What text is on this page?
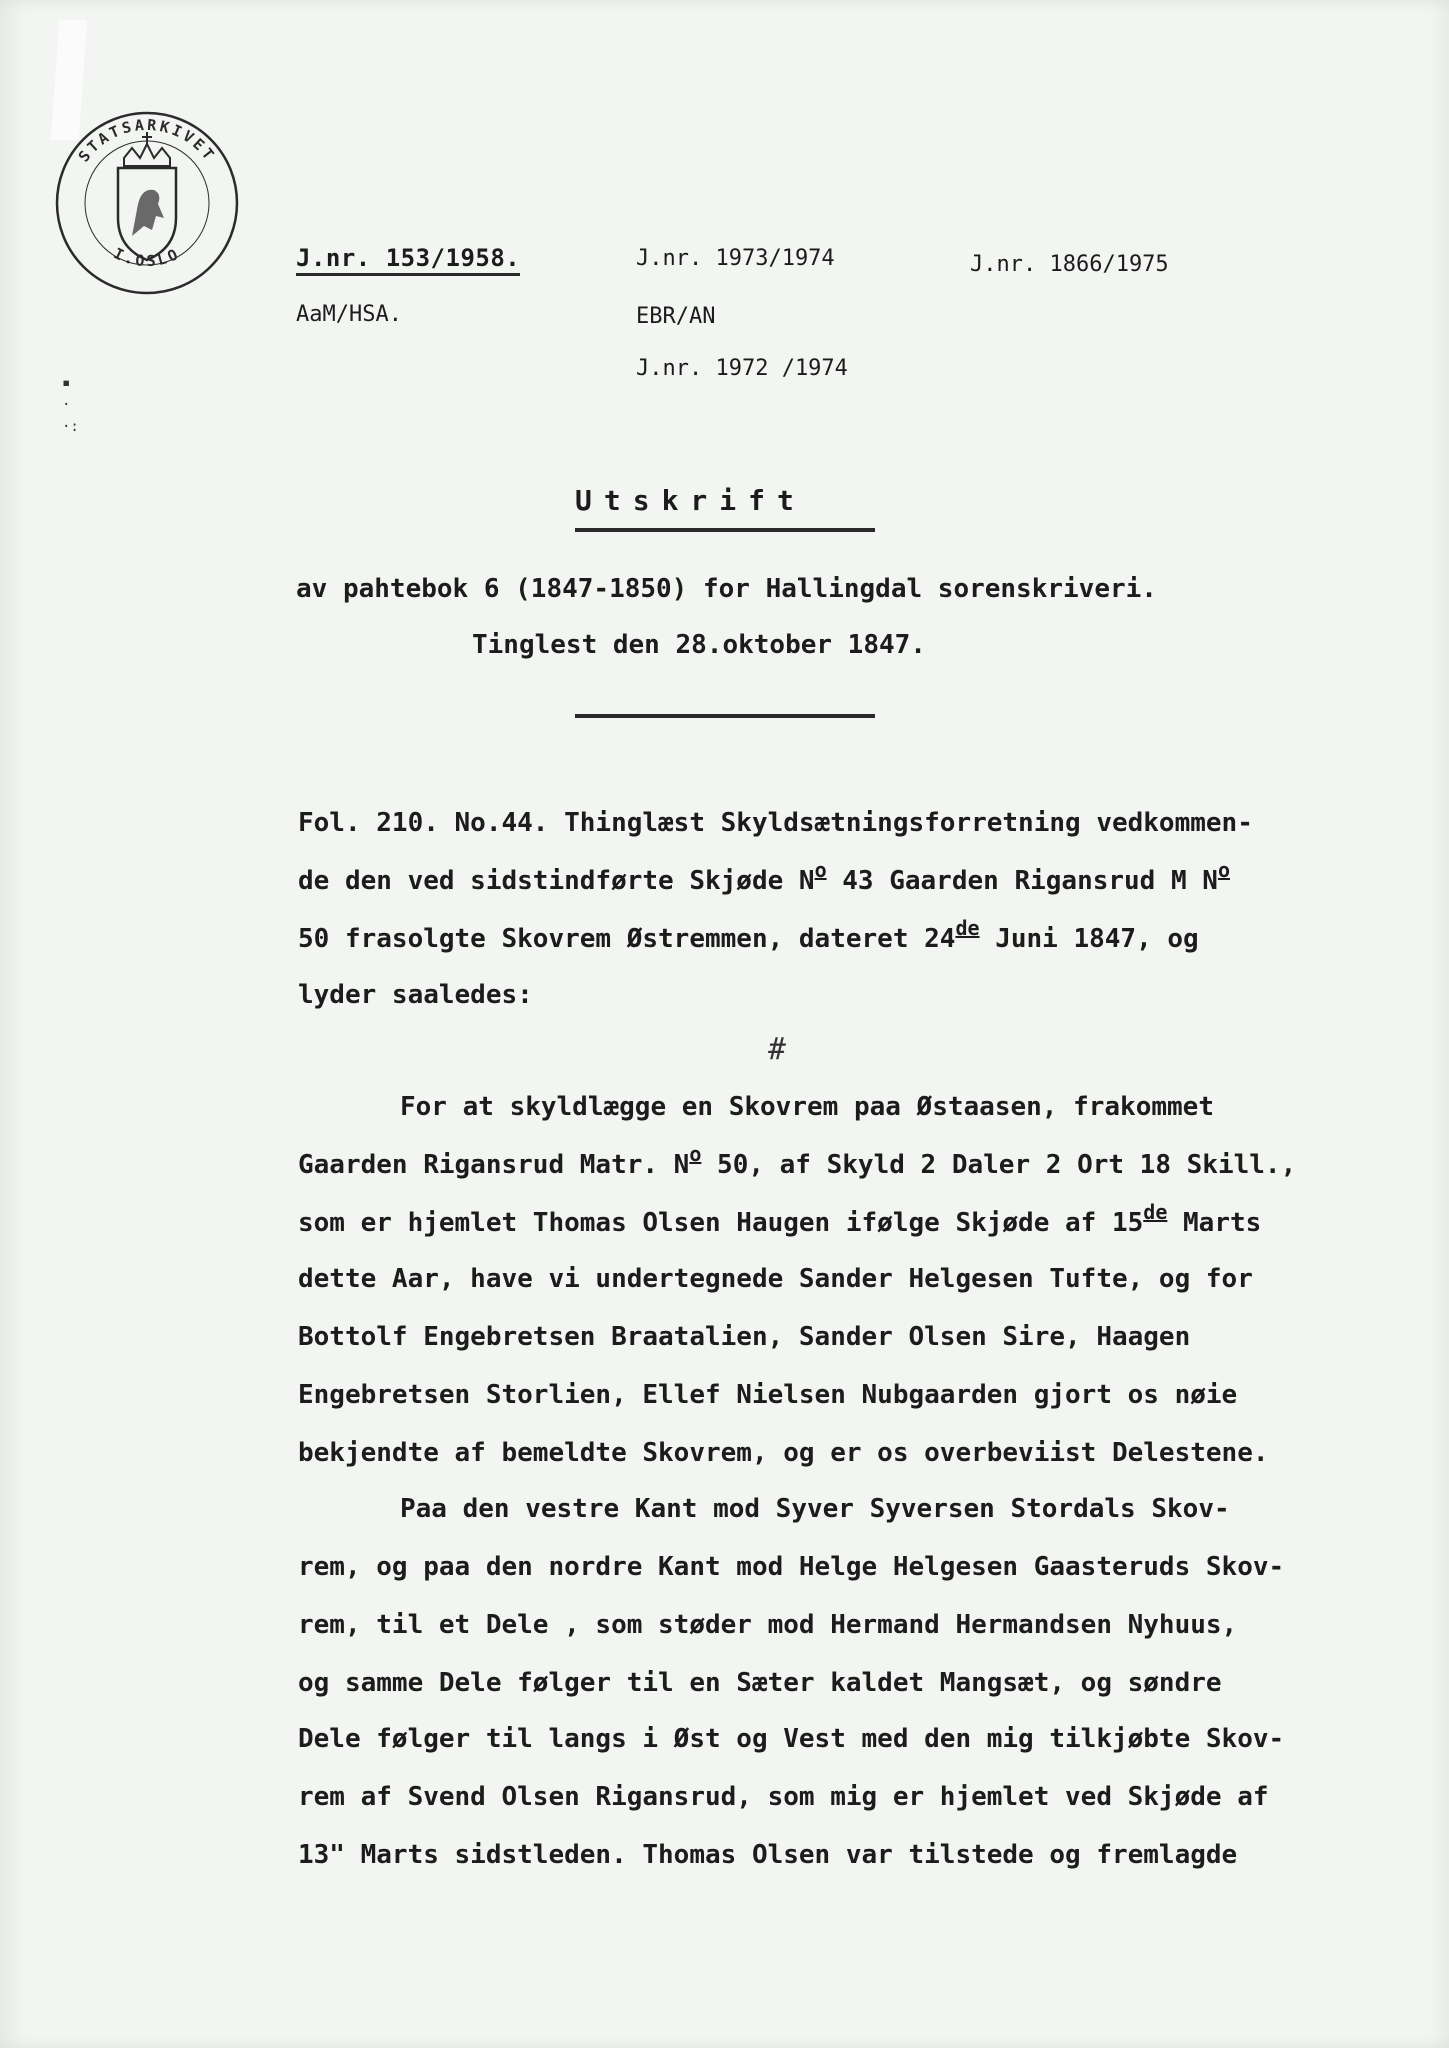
STATSARKIVET
I.OSLO
▪
·
·:
J.nr. 153/1958.
AaM/HSA.
J.nr. 1973/1974
EBR/AN
J.nr. 1972 /1974
J.nr. 1866/1975
Utskrift
av pahtebok 6 (1847-1850) for Hallingdal sorenskriveri.
Tinglest den 28.oktober 1847.
Fol. 210. No.44. Thinglæst Skyldsætningsforretning vedkommen-
de den ved sidstindførte Skjøde $N^o$ 43 Gaarden Rigansrud M $N^o$
50 frasolgte Skovrem Østremmen, dateret 24de Juni 1847, og
lyder saaledes:
#
For at skyldlægge en Skovrem paa Østaasen, frakommet
Gaarden Rigansrud Matr. $N^o$ 50, af Skyld 2 Daler 2 Ort 18 Skill.,
som er hjemlet Thomas Olsen Haugen ifølge Skjøde af 15de Marts
dette Aar, have vi undertegnede Sander Helgesen Tufte, og for
Bottolf Engebretsen Braatalien, Sander Olsen Sire, Haagen
Engebretsen Storlien, Ellef Nielsen Nubgaarden gjort os nøie
bekjendte af bemeldte Skovrem, og er os overbeviist Delestene.
Paa den vestre Kant mod Syver Syversen Stordals Skov-
rem, og paa den nordre Kant mod Helge Helgesen Gaasteruds Skov-
rem, til et Dele , som støder mod Hermand Hermandsen Nyhuus,
og samme Dele følger til en Sæter kaldet Mangsæt, og søndre
Dele følger til langs i Øst og Vest med den mig tilkjøbte Skov-
rem af Svend Olsen Rigansrud, som mig er hjemlet ved Skjøde af
13" Marts sidstleden. Thomas Olsen var tilstede og fremlagde
